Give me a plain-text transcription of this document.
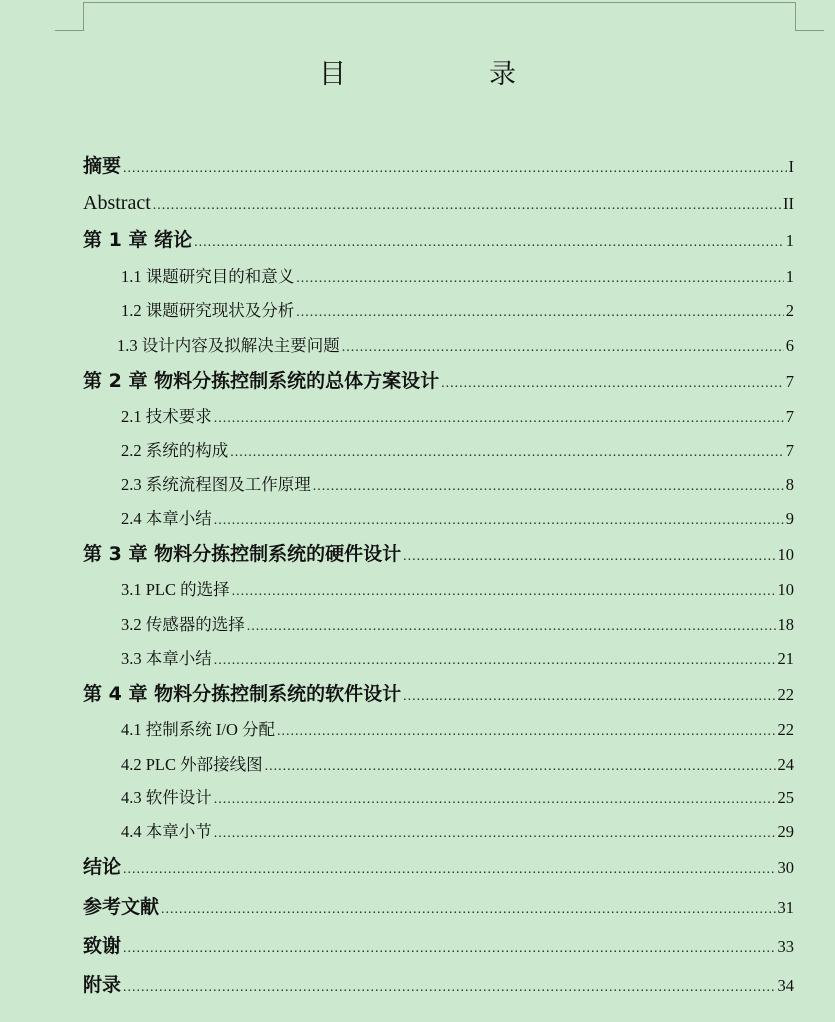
目　录
摘要 .....	I
Abstract .....	II
第 1 章 绪论 .....	1
1.1 课题研究目的和意义 .....	1
1.2 课题研究现状及分析 .....	2
1.3 设计内容及拟解决主要问题 .....	6
第 2 章 物料分拣控制系统的总体方案设计 .....	7
2.1 技术要求 .....	7
2.2 系统的构成 .....	7
2.3 系统流程图及工作原理 .....	8
2.4 本章小结 .....	9
第 3 章 物料分拣控制系统的硬件设计 .....	10
3.1 PLC 的选择 .....	10
3.2 传感器的选择 .....	18
3.3 本章小结 .....	21
第 4 章 物料分拣控制系统的软件设计 .....	22
4.1 控制系统 I/O 分配 .....	22
4.2 PLC 外部接线图 .....	24
4.3 软件设计 .....	25
4.4 本章小节 .....	29
结论 .....	30
参考文献 .....	31
致谢 .....	33
附录 .....	34
